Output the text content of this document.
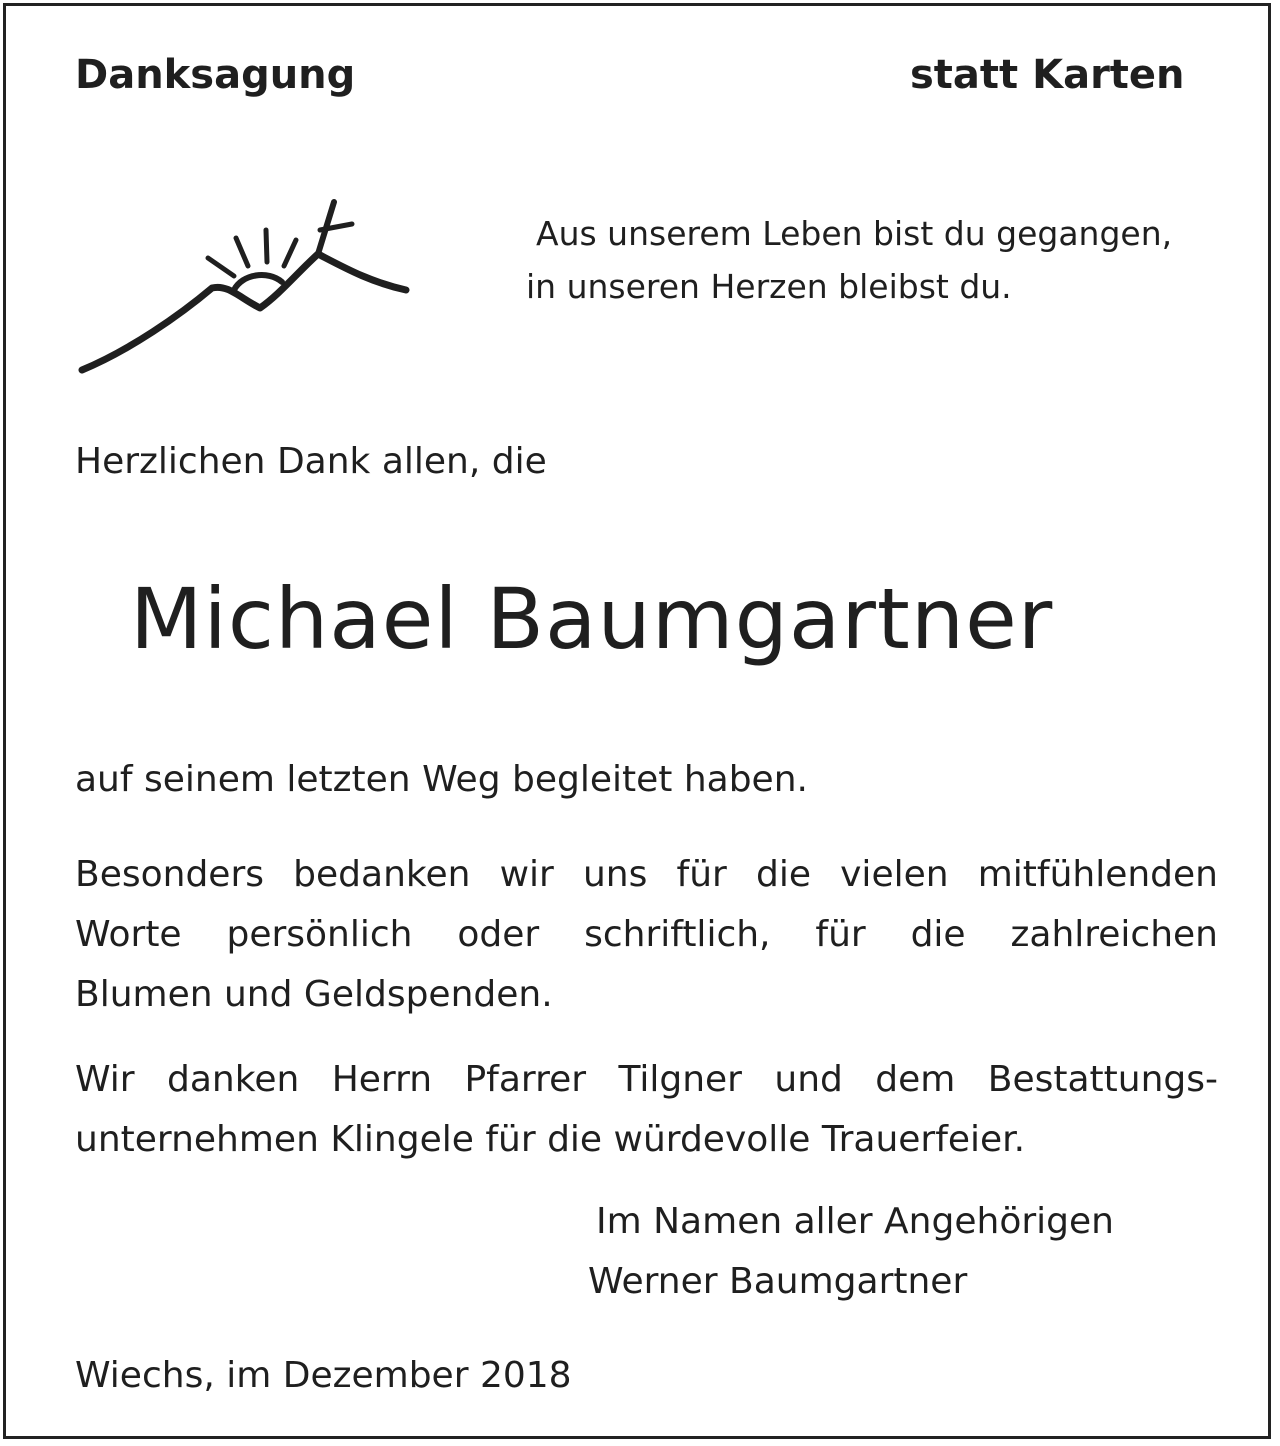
Danksagung	statt Karten

Aus unserem Leben bist du gegangen,

in unseren Herzen bleibst du.

Herzlichen Dank allen, die

Michael Baumgartner

auf seinem letzten Weg begleitet haben.

Besonders bedanken wir uns für die vielen mitfühlenden
Worte persönlich oder schriftlich, für die zahlreichen
Blumen und Geldspenden.
Wir danken Herrn Pfarrer Tilgner und dem Bestattungs-
unternehmen Klingele für die würdevolle Trauerfeier.

Im Namen aller Angehörigen

Werner Baumgartner

Wiechs, im Dezember 2018
